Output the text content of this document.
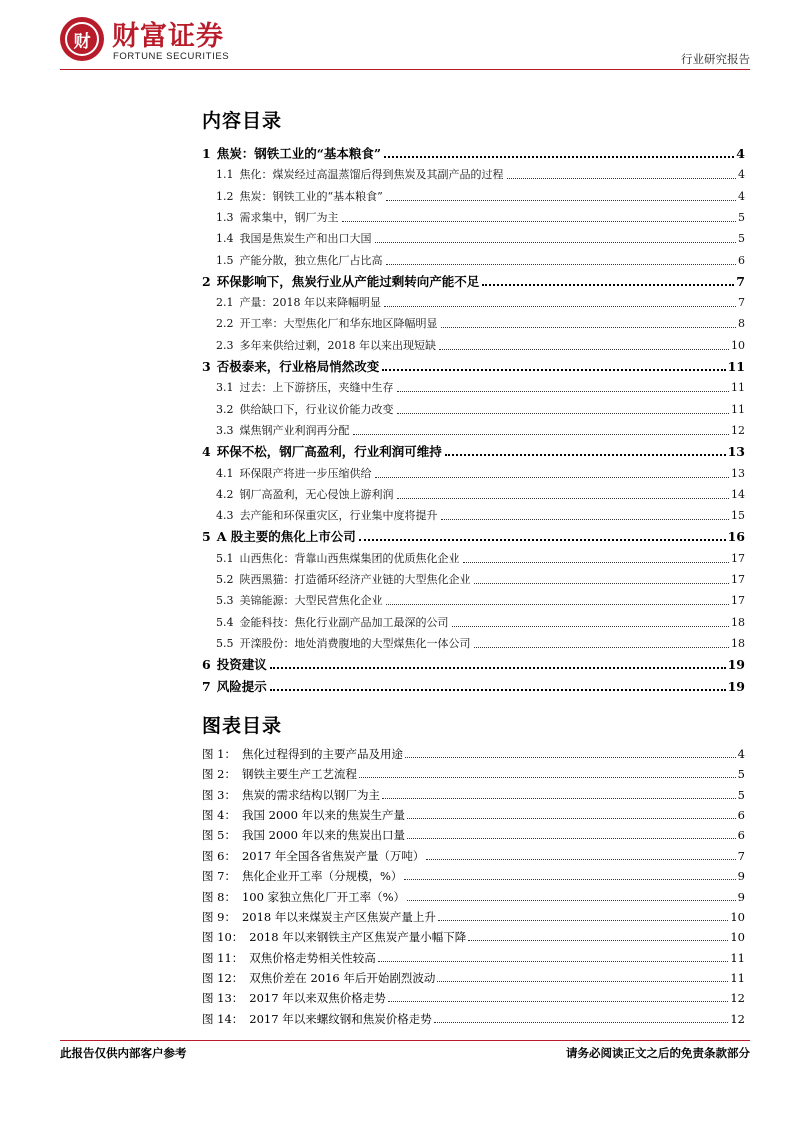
财 财富证券
FORTUNE SECURITIES	行业研究报告
内容目录
1 焦炭：钢铁工业的“基本粮食”	4
1.1 焦化：煤炭经过高温蒸馏后得到焦炭及其副产品的过程	4
1.2 焦炭：钢铁工业的“基本粮食”	4
1.3 需求集中，钢厂为主	5
1.4 我国是焦炭生产和出口大国	5
1.5 产能分散，独立焦化厂占比高	6
2 环保影响下，焦炭行业从产能过剩转向产能不足	7
2.1 产量：2018 年以来降幅明显	7
2.2 开工率：大型焦化厂和华东地区降幅明显	8
2.3 多年来供给过剩，2018 年以来出现短缺	10
3 否极泰来，行业格局悄然改变	11
3.1 过去：上下游挤压，夹缝中生存	11
3.2 供给缺口下，行业议价能力改变	11
3.3 煤焦钢产业利润再分配	12
4 环保不松，钢厂高盈利，行业利润可维持	13
4.1 环保限产将进一步压缩供给	13
4.2 钢厂高盈利，无心侵蚀上游利润	14
4.3 去产能和环保重灾区，行业集中度将提升	15
5 A 股主要的焦化上市公司	16
5.1 山西焦化：背靠山西焦煤集团的优质焦化企业	17
5.2 陕西黑猫：打造循环经济产业链的大型焦化企业	17
5.3 美锦能源：大型民营焦化企业	17
5.4 金能科技：焦化行业副产品加工最深的公司	18
5.5 开滦股份：地处消费腹地的大型煤焦化一体公司	18
6 投资建议	19
7 风险提示	19
图表目录
图 1： 焦化过程得到的主要产品及用途	4
图 2： 钢铁主要生产工艺流程	5
图 3： 焦炭的需求结构以钢厂为主	5
图 4： 我国 2000 年以来的焦炭生产量	6
图 5： 我国 2000 年以来的焦炭出口量	6
图 6： 2017 年全国各省焦炭产量（万吨）	7
图 7： 焦化企业开工率（分规模，%）	9
图 8： 100 家独立焦化厂开工率（%）	9
图 9： 2018 年以来煤炭主产区焦炭产量上升	10
图 10： 2018 年以来钢铁主产区焦炭产量小幅下降	10
图 11： 双焦价格走势相关性较高	11
图 12： 双焦价差在 2016 年后开始剧烈波动	11
图 13： 2017 年以来双焦价格走势	12
图 14： 2017 年以来螺纹钢和焦炭价格走势	12
此报告仅供内部客户参考	请务必阅读正文之后的免责条款部分
